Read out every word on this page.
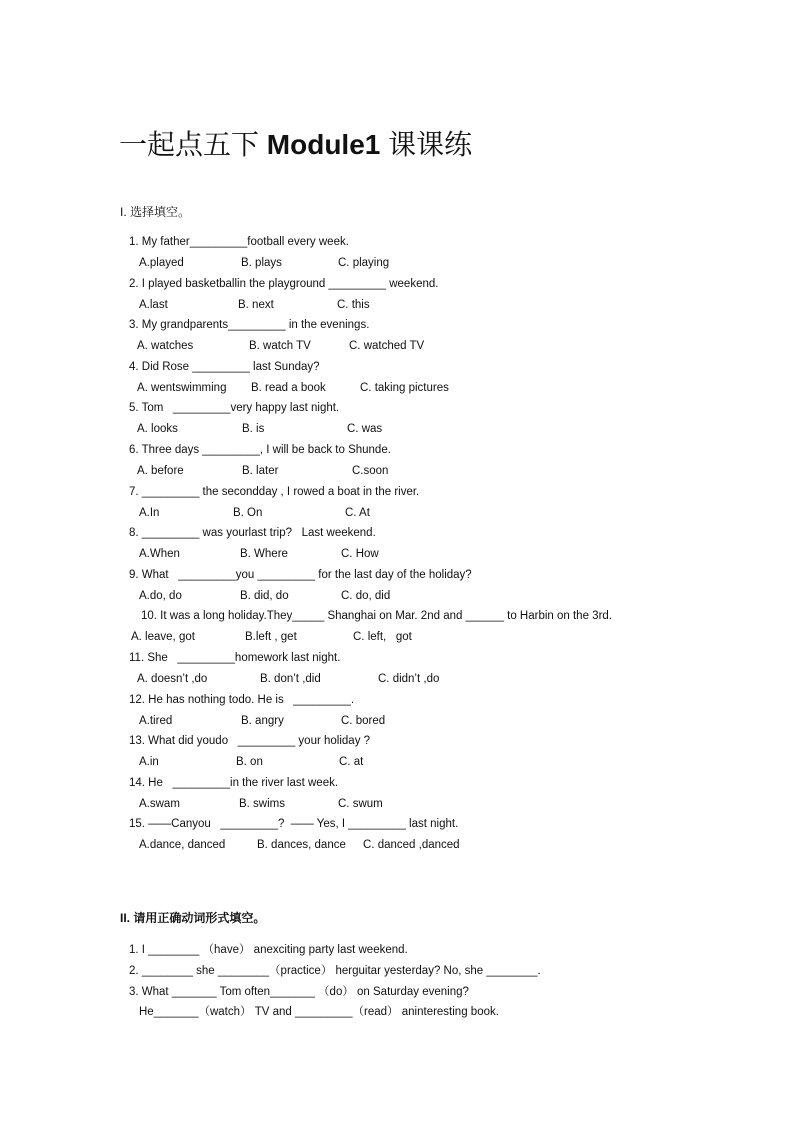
一起点五下 Module1 课课练
I. 选择填空。
1. My father_________football every week.
A.played	B. plays	C. playing
2. I played basketballin the playground _________ weekend.
A.last	B. next	C. this
3. My grandparents_________ in the evenings.
A. watches	B. watch TV	C. watched TV
4. Did Rose _________ last Sunday?
A. wentswimming B. read a book	C. taking pictures
5. Tom   _________very happy last night.
A. looks	B. is	C. was
6. Three days _________, I will be back to Shunde.
A. before	B. later	C.soon
7. _________ the secondday , I rowed a boat in the river.
A.In	B. On	C. At
8. _________ was yourlast trip?   Last weekend.
A.When	B. Where	C. How
9. What   _________you _________ for the last day of the holiday?
A.do, do	B. did, do	C. do, did
10. It was a long holiday.They_____ Shanghai on Mar. 2nd and ______ to Harbin on the 3rd.
A. leave, got	B.left , get	C. left,   got
11. She   _________homework last night.
A. doesn’t ,do	B. don’t ,did	C. didn’t ,do
12. He has nothing todo. He is   _________.
A.tired	B. angry	C. bored
13. What did youdo   _________ your holiday ?
A.in	B. on	C. at
14. He   _________in the river last week.
A.swam	B. swims	C. swum
15. ——Canyou   _________?  —— Yes, I _________ last night.
A.dance, danced	B. dances, dance C. danced ,danced
II. 请用正确动词形式填空。
1. I ________ （have） anexciting party last weekend.
2. ________ she ________（practice） herguitar yesterday? No, she ________.
3. What _______ Tom often_______ （do） on Saturday evening?
He_______（watch） TV and _________（read） aninteresting book.
